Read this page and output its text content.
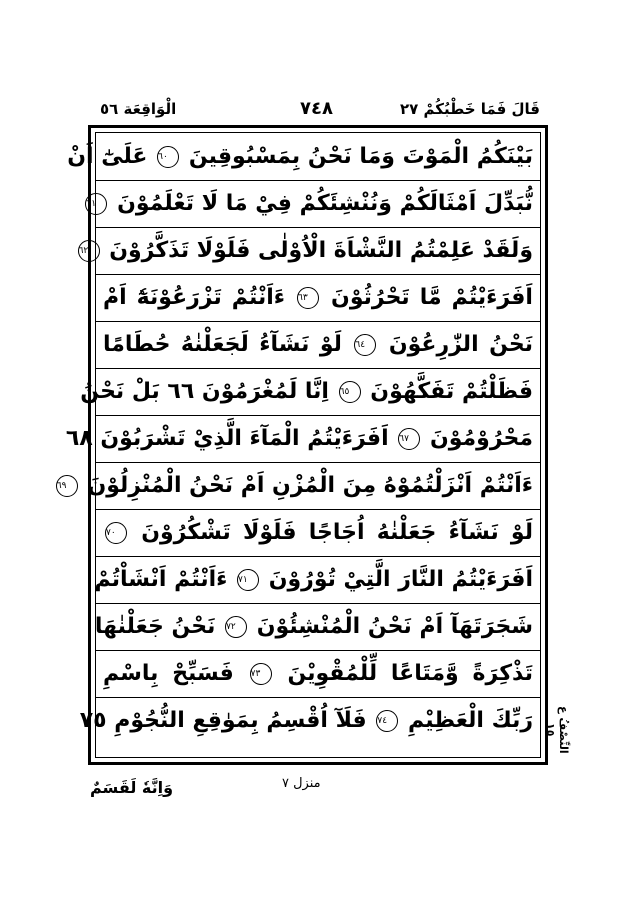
الْوَاقِعَة ٥٦	٧٤٨	قَالَ فَمَا خَطْبُكُمْ ٢٧
بَيْنَكُمُ الْمَوْتَ وَمَا نَحْنُ بِمَسْبُوقِينَ ٦٠ عَلَىٰٓ اَنْ
نُّبَدِّلَ اَمْثَالَكُمْ وَنُنْشِئَكُمْ فِيْ مَا لَا تَعْلَمُوْنَ ٦١
وَلَقَدْ عَلِمْتُمُ النَّشْاَةَ الْاُوْلٰى فَلَوْلَا تَذَكَّرُوْنَ ٦٢
اَفَرَءَيْتُمْ مَّا تَحْرُثُوْنَ ٦٣ ءَاَنْتُمْ تَزْرَعُوْنَهٗٓ اَمْ
نَحْنُ الزّٰرِعُوْنَ ٦٤ لَوْ نَشَآءُ لَجَعَلْنٰهُ حُطَامًا
فَظَلْتُمْ تَفَكَّهُوْنَ ٦٥ اِنَّا لَمُغْرَمُوْنَ ٦٦ بَلْ نَحْنُ
مَحْرُوْمُوْنَ ٦٧ اَفَرَءَيْتُمُ الْمَآءَ الَّذِيْ تَشْرَبُوْنَ ٦٨
ءَاَنْتُمْ اَنْزَلْتُمُوْهُ مِنَ الْمُزْنِ اَمْ نَحْنُ الْمُنْزِلُوْنَ ٦٩
لَوْ نَشَآءُ جَعَلْنٰهُ اُجَاجًا فَلَوْلَا تَشْكُرُوْنَ ٧٠
اَفَرَءَيْتُمُ النَّارَ الَّتِيْ تُوْرُوْنَ ٧١ ءَاَنْتُمْ اَنْشَاْتُمْ
شَجَرَتَهَآ اَمْ نَحْنُ الْمُنْشِئُوْنَ ٧٢ نَحْنُ جَعَلْنٰهَا
تَذْكِرَةً وَّمَتَاعًا لِّلْمُقْوِيْنَ ٧٣ فَسَبِّحْ بِاسْمِ
رَبِّكَ الْعَظِيْمِ ٧٤ فَلَآ اُقْسِمُ بِمَوٰقِعِ النُّجُوْمِ ٧٥	النِّصْفُ ع ١٥
وَاِنَّهٗ لَقَسَمٌ	منزل ٧
